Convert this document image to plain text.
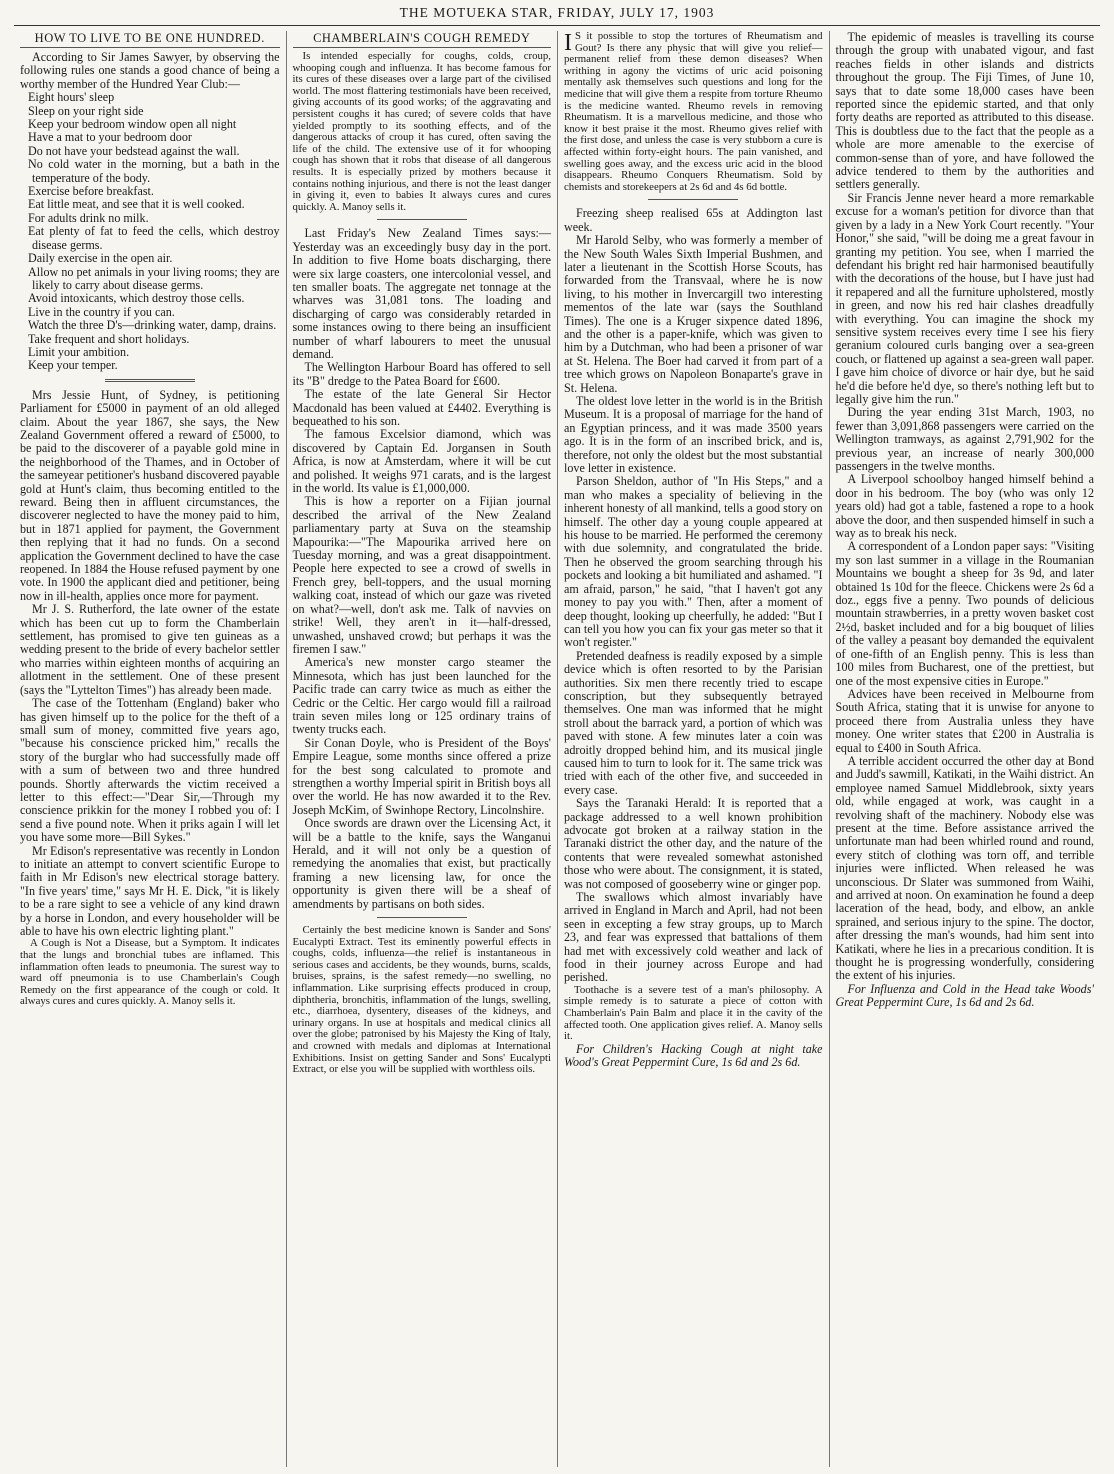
THE MOTUEKA STAR, FRIDAY, JULY 17, 1903
HOW TO LIVE TO BE ONE HUNDRED.

According to Sir James Sawyer, by observing the following rules one stands a good chance of being a worthy member of the Hundred Year Club:—

Eight hours' sleep

Sleep on your right side

Keep your bedroom window open all night

Have a mat to your bedroom door

Do not have your bedstead against the wall.

No cold water in the morning, but a bath in the temperature of the body.

Exercise before breakfast.

Eat little meat, and see that it is well cooked.

For adults drink no milk.

Eat plenty of fat to feed the cells, which destroy disease germs.

Daily exercise in the open air.

Allow no pet animals in your living rooms; they are likely to carry about disease germs.

Avoid intoxicants, which destroy those cells.

Live in the country if you can.

Watch the three D's—drinking water, damp, drains.

Take frequent and short holidays.

Limit your ambition.

Keep your temper.

Mrs Jessie Hunt, of Sydney, is petitioning Parliament for £5000 in payment of an old alleged claim. About the year 1867, she says, the New Zealand Government offered a reward of £5000, to be paid to the discoverer of a payable gold mine in the neighborhood of the Thames, and in October of the sameyear petitioner's husband discovered payable gold at Hunt's claim, thus becoming entitled to the reward. Being then in affluent circumstances, the discoverer neglected to have the money paid to him, but in 1871 applied for payment, the Government then replying that it had no funds. On a second application the Government declined to have the case reopened. In 1884 the House refused payment by one vote. In 1900 the applicant died and petitioner, being now in ill-health, applies once more for payment.

Mr J. S. Rutherford, the late owner of the estate which has been cut up to form the Chamberlain settlement, has promised to give ten guineas as a wedding present to the bride of every bachelor settler who marries within eighteen months of acquiring an allotment in the settlement. One of these present (says the "Lyttelton Times") has already been made.

The case of the Tottenham (England) baker who has given himself up to the police for the theft of a small sum of money, committed five years ago, "because his conscience pricked him," recalls the story of the burglar who had successfully made off with a sum of between two and three hundred pounds. Shortly afterwards the victim received a letter to this effect:—"Dear Sir,—Through my conscience prikkin for the money I robbed you of: I send a five pound note. When it priks again I will let you have some more—Bill Sykes."

Mr Edison's representative was recently in London to initiate an attempt to convert scientific Europe to faith in Mr Edison's new electrical storage battery. "In five years' time," says Mr H. E. Dick, "it is likely to be a rare sight to see a vehicle of any kind drawn by a horse in London, and every householder will be able to have his own electric lighting plant."

A Cough is Not a Disease, but a Symptom. It indicates that the lungs and bronchial tubes are inflamed. This inflammation often leads to pneumonia. The surest way to ward off pneumonia is to use Chamberlain's Cough Remedy on the first appearance of the cough or cold. It always cures and cures quickly. A. Manoy sells it.

CHAMBERLAIN'S COUGH REMEDY

Is intended especially for coughs, colds, croup, whooping cough and influenza. It has become famous for its cures of these diseases over a large part of the civilised world. The most flattering testimonials have been received, giving accounts of its good works; of the aggravating and persistent coughs it has cured; of severe colds that have yielded promptly to its soothing effects, and of the dangerous attacks of croup it has cured, often saving the life of the child. The extensive use of it for whooping cough has shown that it robs that disease of all dangerous results. It is especially prized by mothers because it contains nothing injurious, and there is not the least danger in giving it, even to babies It always cures and cures quickly. A. Manoy sells it.

Last Friday's New Zealand Times says:—Yesterday was an exceedingly busy day in the port. In addition to five Home boats discharging, there were six large coasters, one intercolonial vessel, and ten smaller boats. The aggregate net tonnage at the wharves was 31,081 tons. The loading and discharging of cargo was considerably retarded in some instances owing to there being an insufficient number of wharf labourers to meet the unusual demand.

The Wellington Harbour Board has offered to sell its "B" dredge to the Patea Board for £600.

The estate of the late General Sir Hector Macdonald has been valued at £4402. Everything is bequeathed to his son.

The famous Excelsior diamond, which was discovered by Captain Ed. Jorgansen in South Africa, is now at Amsterdam, where it will be cut and polished. It weighs 971 carats, and is the largest in the world. Its value is £1,000,000.

This is how a reporter on a Fijian journal described the arrival of the New Zealand parliamentary party at Suva on the steamship Mapourika:—"The Mapourika arrived here on Tuesday morning, and was a great disappointment. People here expected to see a crowd of swells in French grey, bell-toppers, and the usual morning walking coat, instead of which our gaze was riveted on what?—well, don't ask me. Talk of navvies on strike! Well, they aren't in it—half-dressed, unwashed, unshaved crowd; but perhaps it was the firemen I saw."

America's new monster cargo steamer the Minnesota, which has just been launched for the Pacific trade can carry twice as much as either the Cedric or the Celtic. Her cargo would fill a railroad train seven miles long or 125 ordinary trains of twenty trucks each.

Sir Conan Doyle, who is President of the Boys' Empire League, some months since offered a prize for the best song calculated to promote and strengthen a worthy Imperial spirit in British boys all over the world. He has now awarded it to the Rev. Joseph McKim, of Swinhope Rectory, Lincolnshire.

Once swords are drawn over the Licensing Act, it will be a battle to the knife, says the Wanganui Herald, and it will not only be a question of remedying the anomalies that exist, but practically framing a new licensing law, for once the opportunity is given there will be a sheaf of amendments by partisans on both sides.

Certainly the best medicine known is Sander and Sons' Eucalypti Extract. Test its eminently powerful effects in coughs, colds, influenza—the relief is instantaneous in serious cases and accidents, be they wounds, burns, scalds, bruises, sprains, is the safest remedy—no swelling, no inflammation. Like surprising effects produced in croup, diphtheria, bronchitis, inflammation of the lungs, swelling, etc., diarrhoea, dysentery, diseases of the kidneys, and urinary organs. In use at hospitals and medical clinics all over the globe; patronised by his Majesty the King of Italy, and crowned with medals and diplomas at International Exhibitions. Insist on getting Sander and Sons' Eucalypti Extract, or else you will be supplied with worthless oils.

I S it possible to stop the tortures of Rheumatism and Gout? Is there any physic that will give you relief—permanent relief from these demon diseases? When writhing in agony the victims of uric acid poisoning mentally ask themselves such questions and long for the medicine that will give them a respite from torture Rheumo is the medicine wanted. Rheumo revels in removing Rheumatism. It is a marvellous medicine, and those who know it best praise it the most. Rheumo gives relief with the first dose, and unless the case is very stubborn a cure is affected within forty-eight hours. The pain vanished, and swelling goes away, and the excess uric acid in the blood disappears. Rheumo Conquers Rheumatism. Sold by chemists and storekeepers at 2s 6d and 4s 6d bottle.

Freezing sheep realised 65s at Addington last week.

Mr Harold Selby, who was formerly a member of the New South Wales Sixth Imperial Bushmen, and later a lieutenant in the Scottish Horse Scouts, has forwarded from the Transvaal, where he is now living, to his mother in Invercargill two interesting mementos of the late war (says the Southland Times). The one is a Kruger sixpence dated 1896, and the other is a paper-knife, which was given to him by a Dutchman, who had been a prisoner of war at St. Helena. The Boer had carved it from part of a tree which grows on Napoleon Bonaparte's grave in St. Helena.

The oldest love letter in the world is in the British Museum. It is a proposal of marriage for the hand of an Egyptian princess, and it was made 3500 years ago. It is in the form of an inscribed brick, and is, therefore, not only the oldest but the most substantial love letter in existence.

Parson Sheldon, author of "In His Steps," and a man who makes a speciality of believing in the inherent honesty of all mankind, tells a good story on himself. The other day a young couple appeared at his house to be married. He performed the ceremony with due solemnity, and congratulated the bride. Then he observed the groom searching through his pockets and looking a bit humiliated and ashamed. "I am afraid, parson," he said, "that I haven't got any money to pay you with." Then, after a moment of deep thought, looking up cheerfully, he added: "But I can tell you how you can fix your gas meter so that it won't register."

Pretended deafness is readily exposed by a simple device which is often resorted to by the Parisian authorities. Six men there recently tried to escape conscription, but they subsequently betrayed themselves. One man was informed that he might stroll about the barrack yard, a portion of which was paved with stone. A few minutes later a coin was adroitly dropped behind him, and its musical jingle caused him to turn to look for it. The same trick was tried with each of the other five, and succeeded in every case.

Says the Taranaki Herald: It is reported that a package addressed to a well known prohibition advocate got broken at a railway station in the Taranaki district the other day, and the nature of the contents that were revealed somewhat astonished those who were about. The consignment, it is stated, was not composed of gooseberry wine or ginger pop.

The swallows which almost invariably have arrived in England in March and April, had not been seen in excepting a few stray groups, up to March 23, and fear was expressed that battalions of them had met with excessively cold weather and lack of food in their journey across Europe and had perished.

Toothache is a severe test of a man's philosophy. A simple remedy is to saturate a piece of cotton with Chamberlain's Pain Balm and place it in the cavity of the affected tooth. One application gives relief. A. Manoy sells it.

For Children's Hacking Cough at night take Wood's Great Peppermint Cure, 1s 6d and 2s 6d.

The epidemic of measles is travelling its course through the group with unabated vigour, and fast reaches fields in other islands and districts throughout the group. The Fiji Times, of June 10, says that to date some 18,000 cases have been reported since the epidemic started, and that only forty deaths are reported as attributed to this disease. This is doubtless due to the fact that the people as a whole are more amenable to the exercise of common-sense than of yore, and have followed the advice tendered to them by the authorities and settlers generally.

Sir Francis Jenne never heard a more remarkable excuse for a woman's petition for divorce than that given by a lady in a New York Court recently. "Your Honor," she said, "will be doing me a great favour in granting my petition. You see, when I married the defendant his bright red hair harmonised beautifully with the decorations of the house, but I have just had it repapered and all the furniture upholstered, mostly in green, and now his red hair clashes dreadfully with everything. You can imagine the shock my sensitive system receives every time I see his fiery geranium coloured curls banging over a sea-green couch, or flattened up against a sea-green wall paper. I gave him choice of divorce or hair dye, but he said he'd die before he'd dye, so there's nothing left but to legally give him the run."

During the year ending 31st March, 1903, no fewer than 3,091,868 passengers were carried on the Wellington tramways, as against 2,791,902 for the previous year, an increase of nearly 300,000 passengers in the twelve months.

A Liverpool schoolboy hanged himself behind a door in his bedroom. The boy (who was only 12 years old) had got a table, fastened a rope to a hook above the door, and then suspended himself in such a way as to break his neck.

A correspondent of a London paper says: "Visiting my son last summer in a village in the Roumanian Mountains we bought a sheep for 3s 9d, and later obtained 1s 10d for the fleece. Chickens were 2s 6d a doz., eggs five a penny. Two pounds of delicious mountain strawberries, in a pretty woven basket cost 2½d, basket included and for a big bouquet of lilies of the valley a peasant boy demanded the equivalent of one-fifth of an English penny. This is less than 100 miles from Bucharest, one of the prettiest, but one of the most expensive cities in Europe."

Advices have been received in Melbourne from South Africa, stating that it is unwise for anyone to proceed there from Australia unless they have money. One writer states that £200 in Australia is equal to £400 in South Africa.

A terrible accident occurred the other day at Bond and Judd's sawmill, Katikati, in the Waihi district. An employee named Samuel Middlebrook, sixty years old, while engaged at work, was caught in a revolving shaft of the machinery. Nobody else was present at the time. Before assistance arrived the unfortunate man had been whirled round and round, every stitch of clothing was torn off, and terrible injuries were inflicted. When released he was unconscious. Dr Slater was summoned from Waihi, and arrived at noon. On examination he found a deep laceration of the head, body, and elbow, an ankle sprained, and serious injury to the spine. The doctor, after dressing the man's wounds, had him sent into Katikati, where he lies in a precarious condition. It is thought he is progressing wonderfully, considering the extent of his injuries.

For Influenza and Cold in the Head take Woods' Great Peppermint Cure, 1s 6d and 2s 6d.
